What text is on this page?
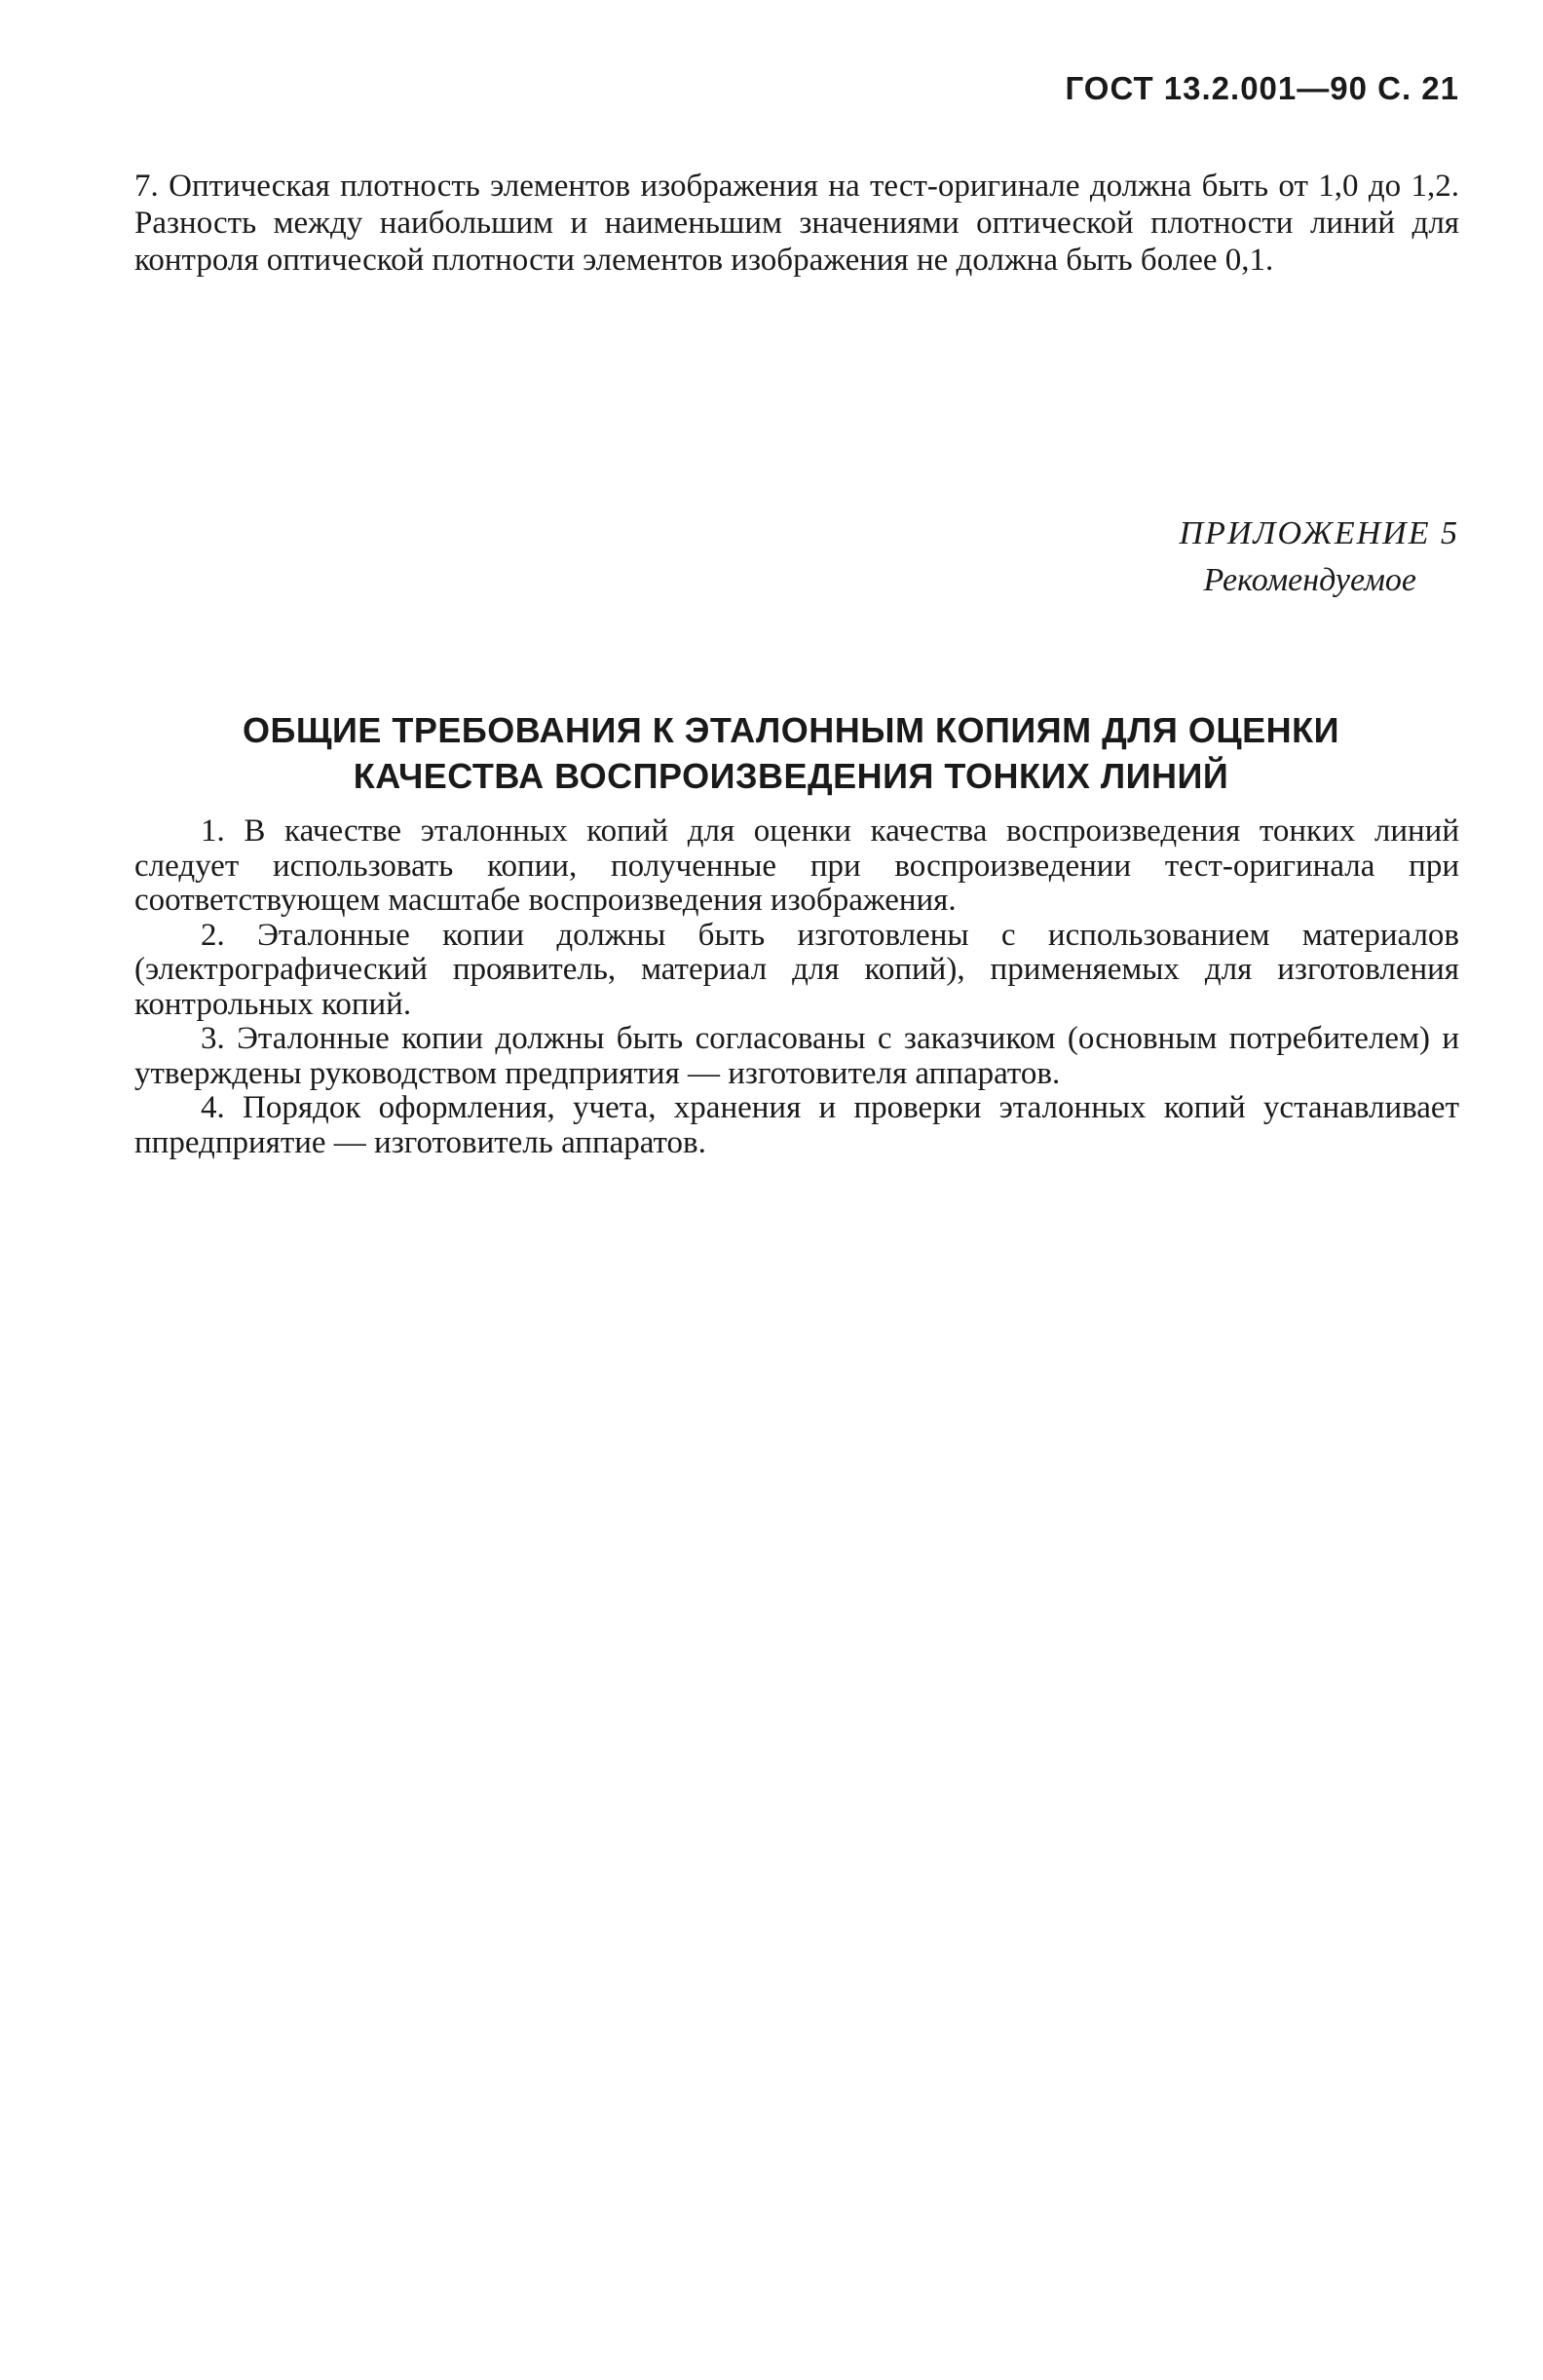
ГОСТ 13.2.001—90 С. 21

7. Оптическая плотность элементов изображения на тест-оригинале должна быть от 1,0 до 1,2. Разность между наибольшим и наименьшим значениями оптической плотности линий для контроля оптической плотности элементов изображения не должна быть более 0,1.

ПРИЛОЖЕНИЕ 5
Рекомендуемое
ОБЩИЕ ТРЕБОВАНИЯ К ЭТАЛОННЫМ КОПИЯМ ДЛЯ ОЦЕНКИ
КАЧЕСТВА ВОСПРОИЗВЕДЕНИЯ ТОНКИХ ЛИНИЙ

1. В качестве эталонных копий для оценки качества воспроизведения тонких линий следует использовать копии, полученные при воспроизведении тест-оригинала при соответствующем масштабе воспроизведения изображения.

2. Эталонные копии должны быть изготовлены с использованием материалов (электрографический проявитель, материал для копий), применяемых для изготовления контрольных копий.

3. Эталонные копии должны быть согласованы с заказчиком (основным потребителем) и утверждены руководством предприятия — изготовителя аппаратов.

4. Порядок оформления, учета, хранения и проверки эталонных копий устанавливает ппредприятие — изготовитель аппаратов.
